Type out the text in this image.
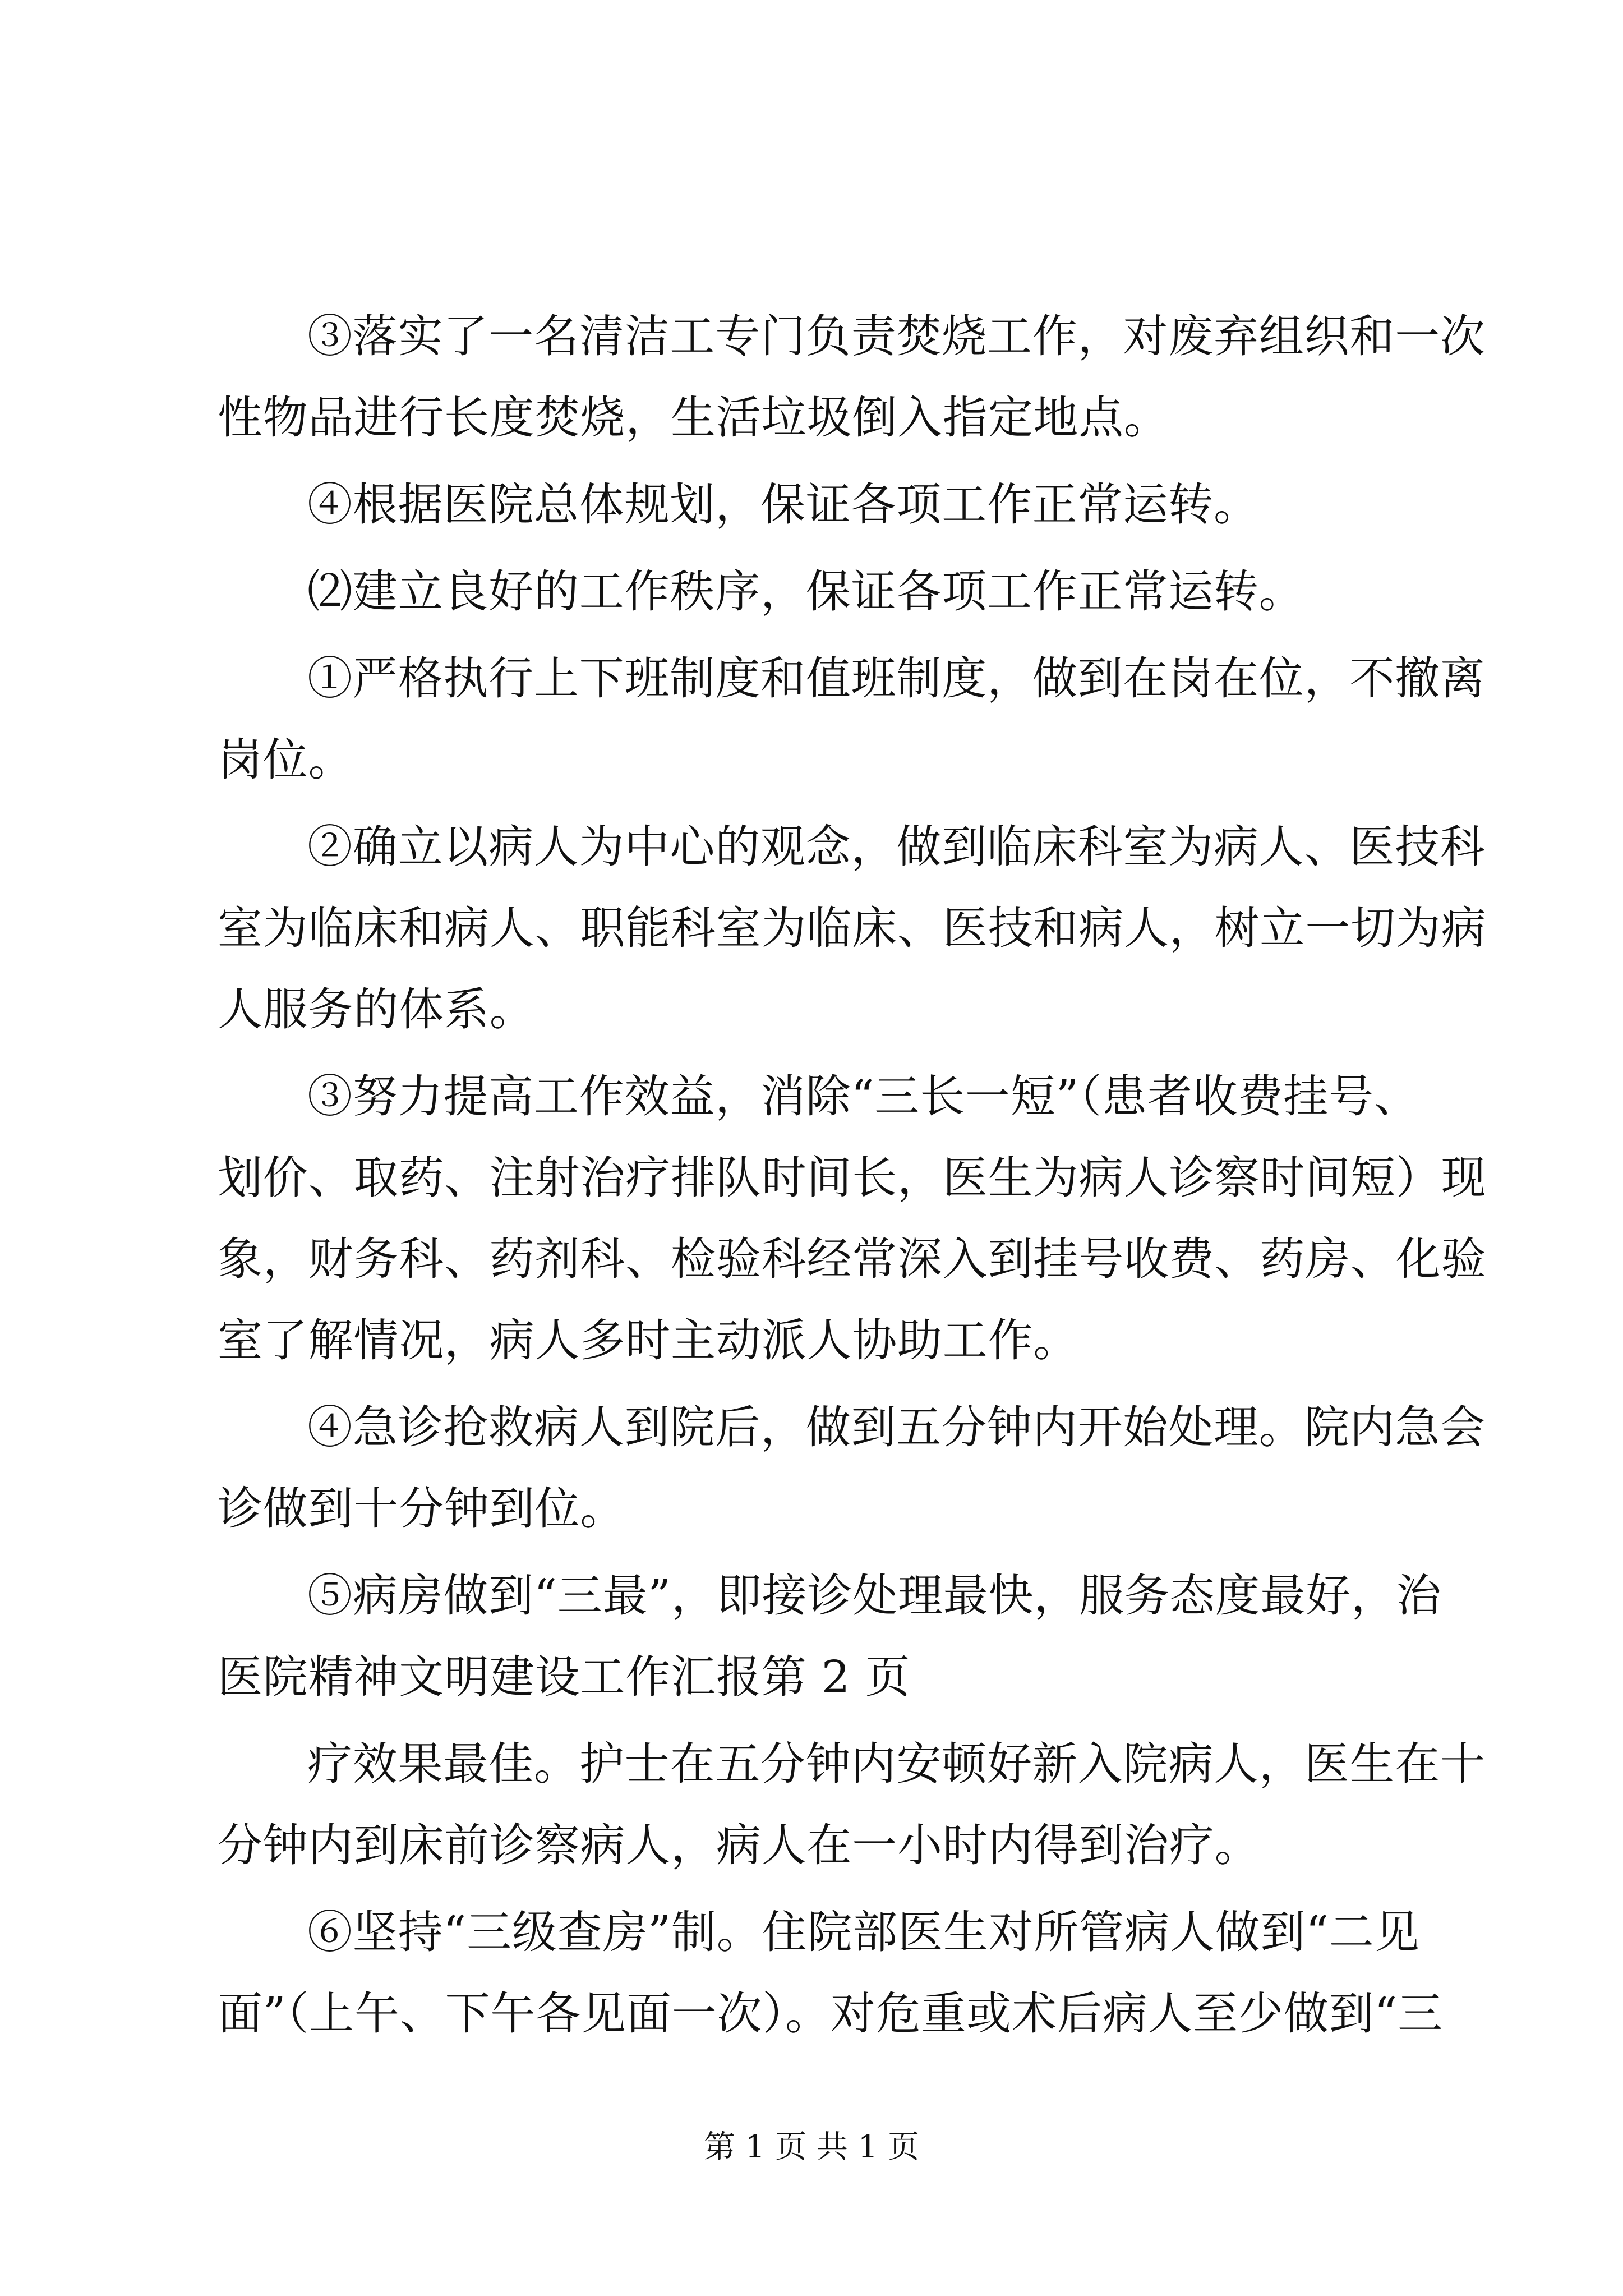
③落实了一名清洁工专门负责焚烧工作，对废弃组织和一次
性物品进行长度焚烧，生活垃圾倒入指定地点。
④根据医院总体规划，保证各项工作正常运转。
⑵建立良好的工作秩序，保证各项工作正常运转。
①严格执行上下班制度和值班制度，做到在岗在位，不撤离
岗位。
②确立以病人为中心的观念，做到临床科室为病人、医技科
室为临床和病人、职能科室为临床、医技和病人，树立一切为病
人服务的体系。
③努力提高工作效益，消除“三长一短”（患者收费挂号、
划价、取药、注射治疗排队时间长，医生为病人诊察时间短）现
象，财务科、药剂科、检验科经常深入到挂号收费、药房、化验
室了解情况，病人多时主动派人协助工作。
④急诊抢救病人到院后，做到五分钟内开始处理。院内急会
诊做到十分钟到位。
⑤病房做到“三最”，即接诊处理最快，服务态度最好，治
医院精神文明建设工作汇报第 2 页
疗效果最佳。护士在五分钟内安顿好新入院病人，医生在十
分钟内到床前诊察病人，病人在一小时内得到治疗。
⑥坚持“三级查房”制。住院部医生对所管病人做到“二见
面”（上午、下午各见面一次）。对危重或术后病人至少做到“三
第 1 页 共 1 页
